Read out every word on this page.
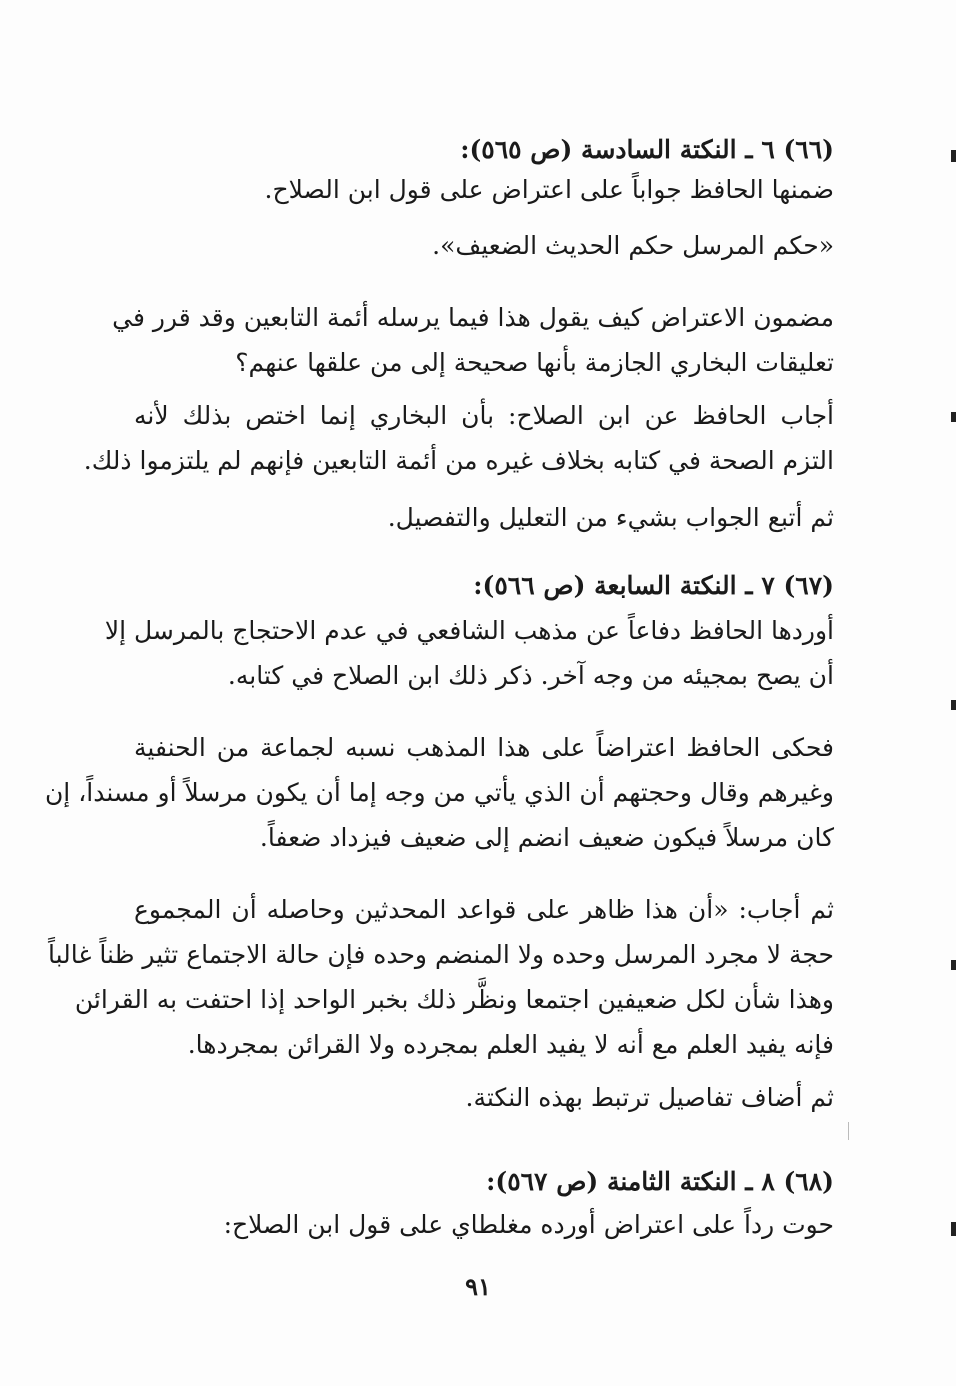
(٦٦) ٦ ـ النكتة السادسة (ص ٥٦٥):
ضمنها الحافظ جواباً على اعتراض على قول ابن الصلاح.
«حكم المرسل حكم الحديث الضعيف».
مضمون الاعتراض كيف يقول هذا فيما يرسله أئمة التابعين وقد قرر في
تعليقات البخاري الجازمة بأنها صحيحة إلى من علقها عنهم؟
أجاب الحافظ عن ابن الصلاح: بأن البخاري إنما اختص بذلك لأنه
التزم الصحة في كتابه بخلاف غيره من أئمة التابعين فإنهم لم يلتزموا ذلك.
ثم أتبع الجواب بشيء من التعليل والتفصيل.
(٦٧) ٧ ـ النكتة السابعة (ص ٥٦٦):
أوردها الحافظ دفاعاً عن مذهب الشافعي في عدم الاحتجاج بالمرسل إلا
أن يصح بمجيئه من وجه آخر. ذكر ذلك ابن الصلاح في كتابه.
فحكى الحافظ اعتراضاً على هذا المذهب نسبه لجماعة من الحنفية
وغيرهم وقال وحجتهم أن الذي يأتي من وجه إما أن يكون مرسلاً أو مسنداً، إن
كان مرسلاً فيكون ضعيف انضم إلى ضعيف فيزداد ضعفاً.
ثم أجاب: «أن هذا ظاهر على قواعد المحدثين وحاصله أن المجموع
حجة لا مجرد المرسل وحده ولا المنضم وحده فإن حالة الاجتماع تثير ظناً غالباً
وهذا شأن لكل ضعيفين اجتمعا ونظَّر ذلك بخبر الواحد إذا احتفت به القرائن
فإنه يفيد العلم مع أنه لا يفيد العلم بمجرده ولا القرائن بمجردها.
ثم أضاف تفاصيل ترتبط بهذه النكتة.
(٦٨) ٨ ـ النكتة الثامنة (ص ٥٦٧):
حوت رداً على اعتراض أورده مغلطاي على قول ابن الصلاح:
٩١
